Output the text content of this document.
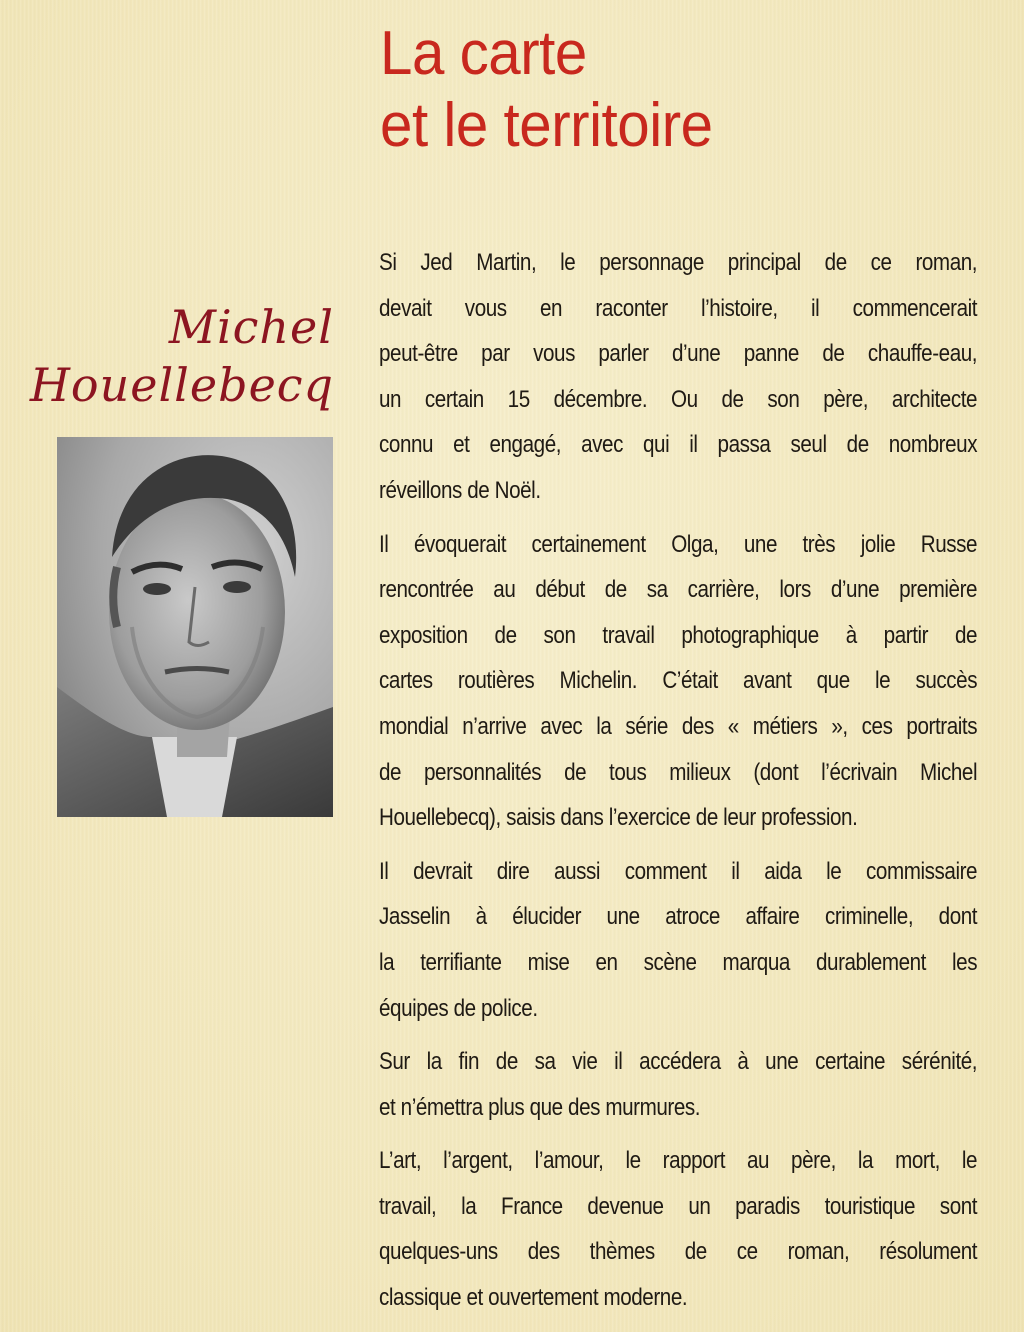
La carte
et le territoire
Michel
Houellebecq

Si Jed Martin, le personnage principal de ce roman,
devait vous en raconter l’histoire, il commencerait
peut-être par vous parler d’une panne de chauffe-eau,
un certain 15 décembre. Ou de son père, architecte
connu et engagé, avec qui il passa seul de nombreux
réveillons de Noël.

Il évoquerait certainement Olga, une très jolie Russe
rencontrée au début de sa carrière, lors d’une première
exposition de son travail photographique à partir de
cartes routières Michelin. C’était avant que le succès
mondial n’arrive avec la série des « métiers », ces portraits
de personnalités de tous milieux (dont l’écrivain Michel
Houellebecq), saisis dans l’exercice de leur profession.

Il devrait dire aussi comment il aida le commissaire
Jasselin à élucider une atroce affaire criminelle, dont
la terrifiante mise en scène marqua durablement les
équipes de police.

Sur la fin de sa vie il accédera à une certaine sérénité,
et n’émettra plus que des murmures.

L’art, l’argent, l’amour, le rapport au père, la mort, le
travail, la France devenue un paradis touristique sont
quelques-uns des thèmes de ce roman, résolument
classique et ouvertement moderne.
